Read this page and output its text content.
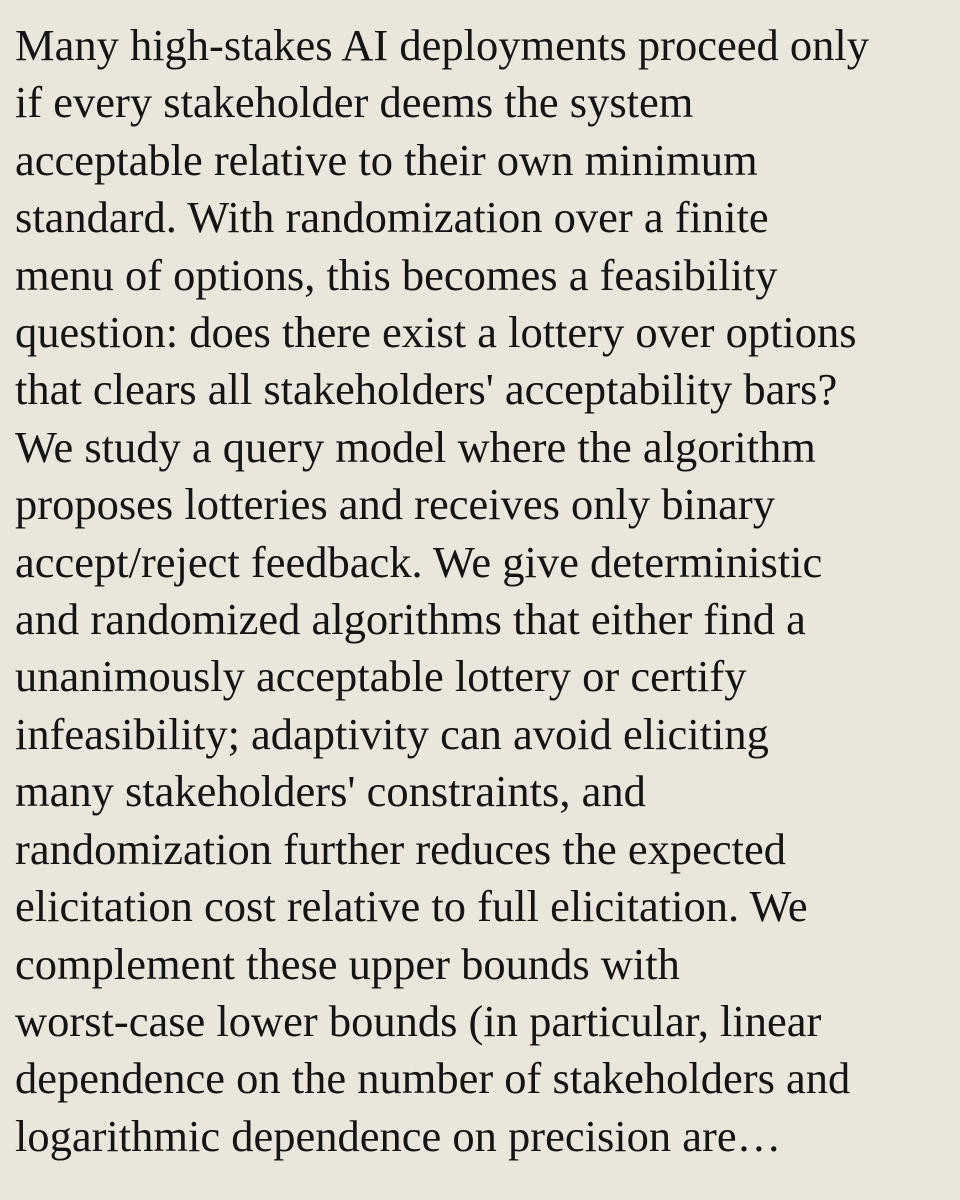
Many high-stakes AI deployments proceed only
if every stakeholder deems the system
acceptable relative to their own minimum
standard. With randomization over a finite
menu of options, this becomes a feasibility
question: does there exist a lottery over options
that clears all stakeholders' acceptability bars?
We study a query model where the algorithm
proposes lotteries and receives only binary
accept/reject feedback. We give deterministic
and randomized algorithms that either find a
unanimously acceptable lottery or certify
infeasibility; adaptivity can avoid eliciting
many stakeholders' constraints, and
randomization further reduces the expected
elicitation cost relative to full elicitation. We
complement these upper bounds with
worst-case lower bounds (in particular, linear
dependence on the number of stakeholders and
logarithmic dependence on precision are…
